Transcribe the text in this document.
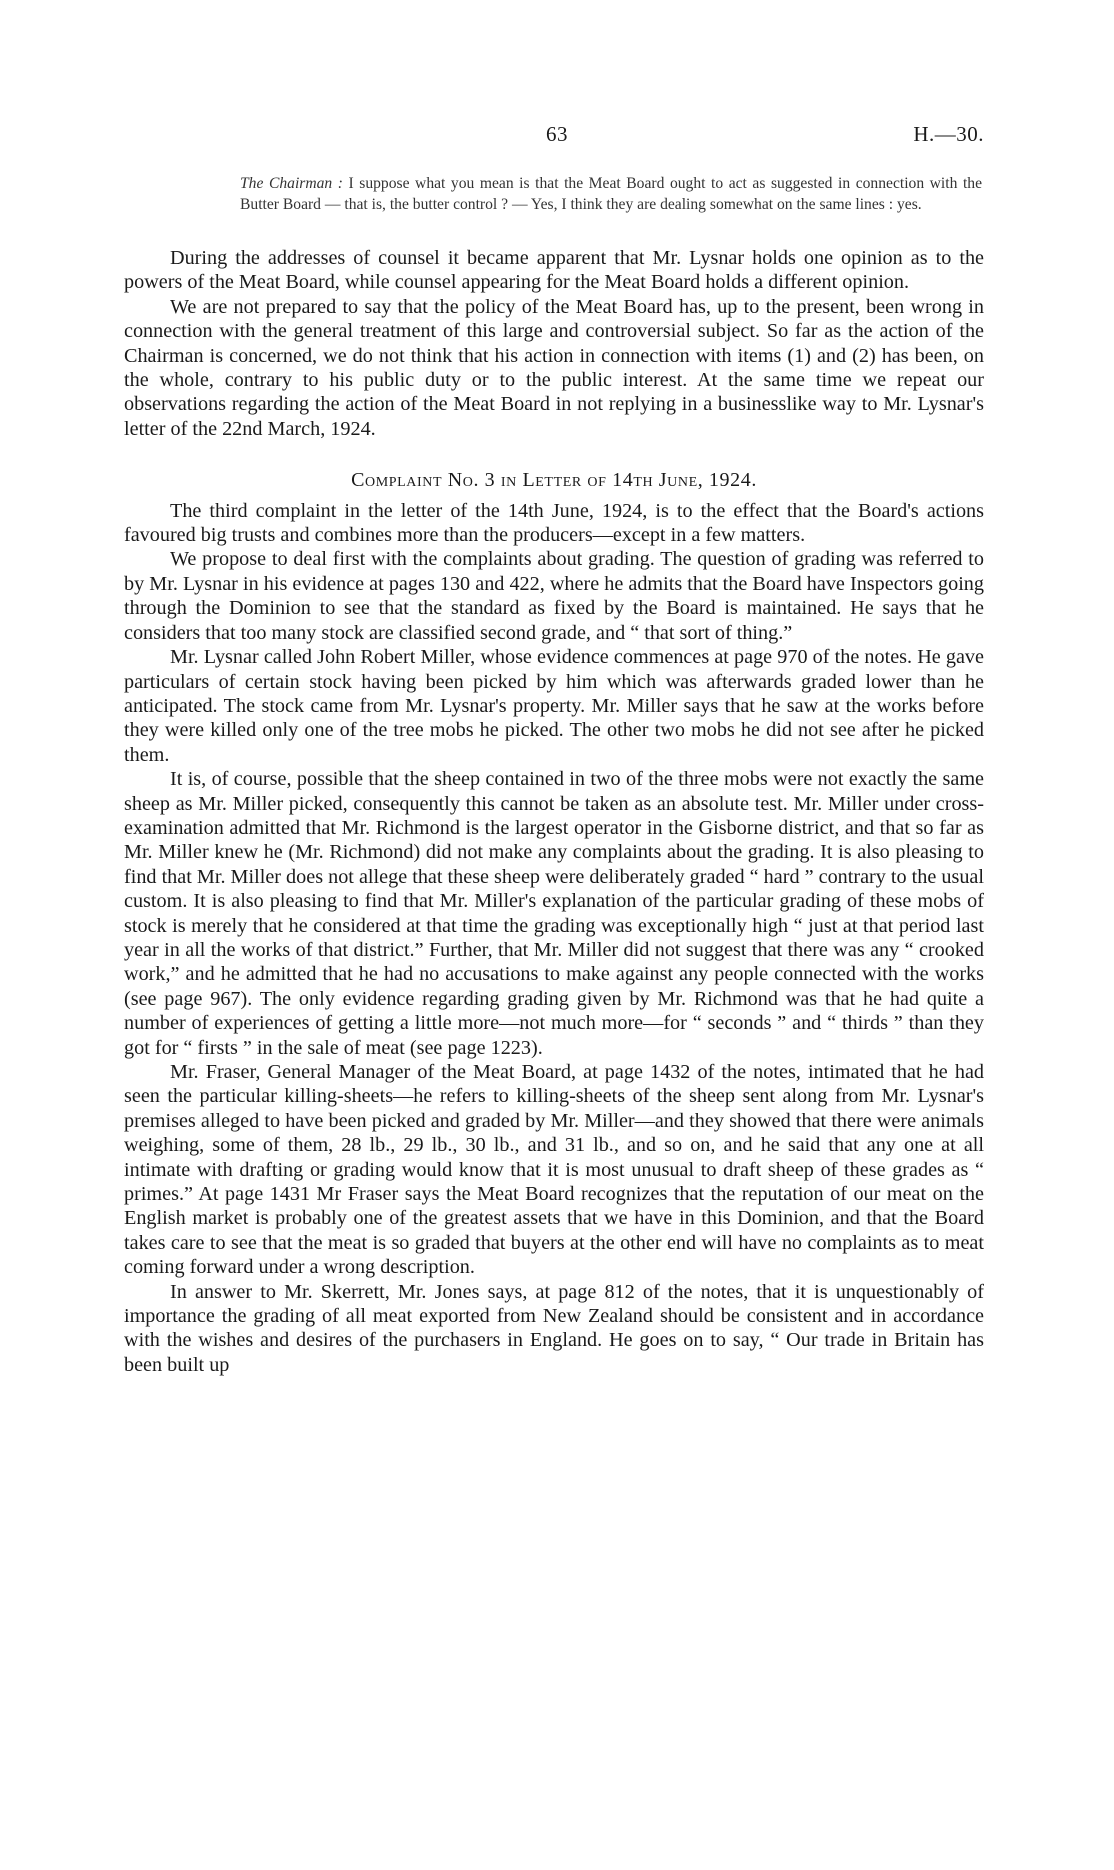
63	H.—30.
The Chairman : I suppose what you mean is that the Meat Board ought to act as suggested in connection with the Butter Board — that is, the butter control ? — Yes, I think they are dealing somewhat on the same lines : yes.

During the addresses of counsel it became apparent that Mr. Lysnar holds one opinion as to the powers of the Meat Board, while counsel appearing for the Meat Board holds a different opinion.

We are not prepared to say that the policy of the Meat Board has, up to the present, been wrong in connection with the general treatment of this large and controversial subject. So far as the action of the Chairman is concerned, we do not think that his action in connection with items (1) and (2) has been, on the whole, contrary to his public duty or to the public interest. At the same time we repeat our observations regarding the action of the Meat Board in not replying in a businesslike way to Mr. Lysnar's letter of the 22nd March, 1924.

Complaint No. 3 in Letter of 14th June, 1924.

The third complaint in the letter of the 14th June, 1924, is to the effect that the Board's actions favoured big trusts and combines more than the producers—except in a few matters.

We propose to deal first with the complaints about grading. The question of grading was referred to by Mr. Lysnar in his evidence at pages 130 and 422, where he admits that the Board have Inspectors going through the Dominion to see that the standard as fixed by the Board is maintained. He says that he considers that too many stock are classified second grade, and “ that sort of thing.”

Mr. Lysnar called John Robert Miller, whose evidence commences at page 970 of the notes. He gave particulars of certain stock having been picked by him which was afterwards graded lower than he anticipated. The stock came from Mr. Lysnar's property. Mr. Miller says that he saw at the works before they were killed only one of the tree mobs he picked. The other two mobs he did not see after he picked them.

It is, of course, possible that the sheep contained in two of the three mobs were not exactly the same sheep as Mr. Miller picked, consequently this cannot be taken as an absolute test. Mr. Miller under cross-examination admitted that Mr. Richmond is the largest operator in the Gisborne district, and that so far as Mr. Miller knew he (Mr. Richmond) did not make any complaints about the grading. It is also pleasing to find that Mr. Miller does not allege that these sheep were deliberately graded “ hard ” contrary to the usual custom. It is also pleasing to find that Mr. Miller's explanation of the particular grading of these mobs of stock is merely that he considered at that time the grading was exceptionally high “ just at that period last year in all the works of that district.” Further, that Mr. Miller did not suggest that there was any “ crooked work,” and he admitted that he had no accusations to make against any people connected with the works (see page 967). The only evidence regarding grading given by Mr. Richmond was that he had quite a number of experiences of getting a little more—not much more—for “ seconds ” and “ thirds ” than they got for “ firsts ” in the sale of meat (see page 1223).

Mr. Fraser, General Manager of the Meat Board, at page 1432 of the notes, intimated that he had seen the particular killing-sheets—he refers to killing-sheets of the sheep sent along from Mr. Lysnar's premises alleged to have been picked and graded by Mr. Miller—and they showed that there were animals weighing, some of them, 28 lb., 29 lb., 30 lb., and 31 lb., and so on, and he said that any one at all intimate with drafting or grading would know that it is most unusual to draft sheep of these grades as “ primes.” At page 1431 Mr Fraser says the Meat Board recognizes that the reputation of our meat on the English market is probably one of the greatest assets that we have in this Dominion, and that the Board takes care to see that the meat is so graded that buyers at the other end will have no complaints as to meat coming forward under a wrong description.

In answer to Mr. Skerrett, Mr. Jones says, at page 812 of the notes, that it is unquestionably of importance the grading of all meat exported from New Zealand should be consistent and in accordance with the wishes and desires of the purchasers in England. He goes on to say, “ Our trade in Britain has been built up
